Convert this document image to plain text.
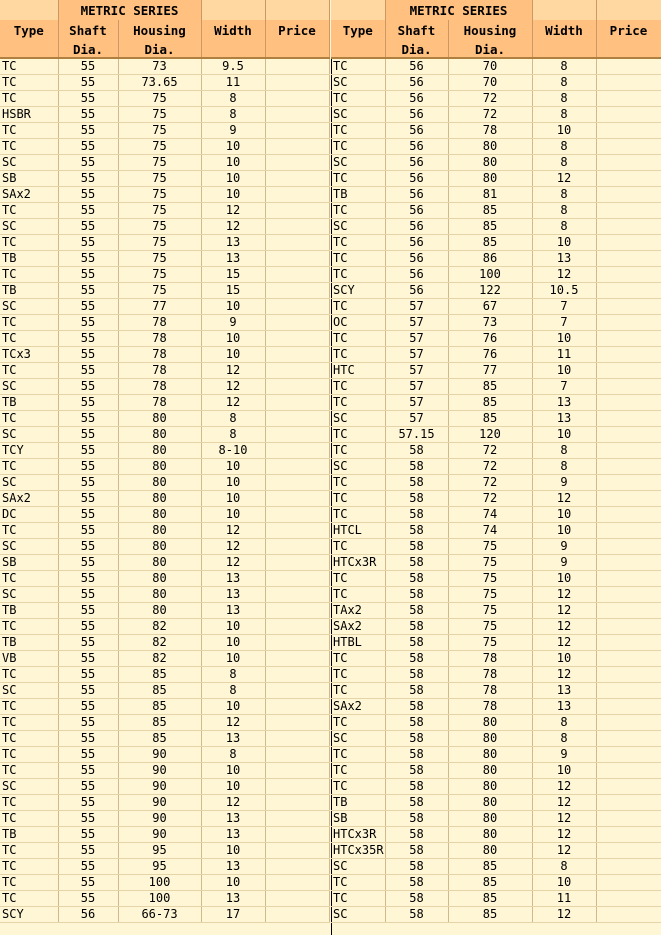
	METRIC SERIES			
Type	Shaft	Housing	Width	Price
	Dia.	Dia.		
TC	55	73	9.5	
TC	55	73.65	11	
TC	55	75	8	
HSBR	55	75	8	
TC	55	75	9	
TC	55	75	10	
SC	55	75	10	
SB	55	75	10	
SAx2	55	75	10	
TC	55	75	12	
SC	55	75	12	
TC	55	75	13	
TB	55	75	13	
TC	55	75	15	
TB	55	75	15	
SC	55	77	10	
TC	55	78	9	
TC	55	78	10	
TCx3	55	78	10	
TC	55	78	12	
SC	55	78	12	
TB	55	78	12	
TC	55	80	8	
SC	55	80	8	
TCY	55	80	8-10	
TC	55	80	10	
SC	55	80	10	
SAx2	55	80	10	
DC	55	80	10	
TC	55	80	12	
SC	55	80	12	
SB	55	80	12	
TC	55	80	13	
SC	55	80	13	
TB	55	80	13	
TC	55	82	10	
TB	55	82	10	
VB	55	82	10	
TC	55	85	8	
SC	55	85	8	
TC	55	85	10	
TC	55	85	12	
TC	55	85	13	
TC	55	90	8	
TC	55	90	10	
SC	55	90	10	
TC	55	90	12	
TC	55	90	13	
TB	55	90	13	
TC	55	95	10	
TC	55	95	13	
TC	55	100	10	
TC	55	100	13	
SCY	56	66-73	17	
	METRIC SERIES			
Type	Shaft	Housing	Width	Price
	Dia.	Dia.		
TC	56	70	8	
SC	56	70	8	
TC	56	72	8	
SC	56	72	8	
TC	56	78	10	
TC	56	80	8	
SC	56	80	8	
TC	56	80	12	
TB	56	81	8	
TC	56	85	8	
SC	56	85	8	
TC	56	85	10	
TC	56	86	13	
TC	56	100	12	
SCY	56	122	10.5	
TC	57	67	7	
OC	57	73	7	
TC	57	76	10	
TC	57	76	11	
HTC	57	77	10	
TC	57	85	7	
TC	57	85	13	
SC	57	85	13	
TC	57.15	120	10	
TC	58	72	8	
SC	58	72	8	
TC	58	72	9	
TC	58	72	12	
TC	58	74	10	
HTCL	58	74	10	
TC	58	75	9	
HTCx3R	58	75	9	
TC	58	75	10	
TC	58	75	12	
TAx2	58	75	12	
SAx2	58	75	12	
HTBL	58	75	12	
TC	58	78	10	
TC	58	78	12	
TC	58	78	13	
SAx2	58	78	13	
TC	58	80	8	
SC	58	80	8	
TC	58	80	9	
TC	58	80	10	
TC	58	80	12	
TB	58	80	12	
SB	58	80	12	
HTCx3R	58	80	12	
HTCx35R	58	80	12	
SC	58	85	8	
TC	58	85	10	
TC	58	85	11	
SC	58	85	12	
